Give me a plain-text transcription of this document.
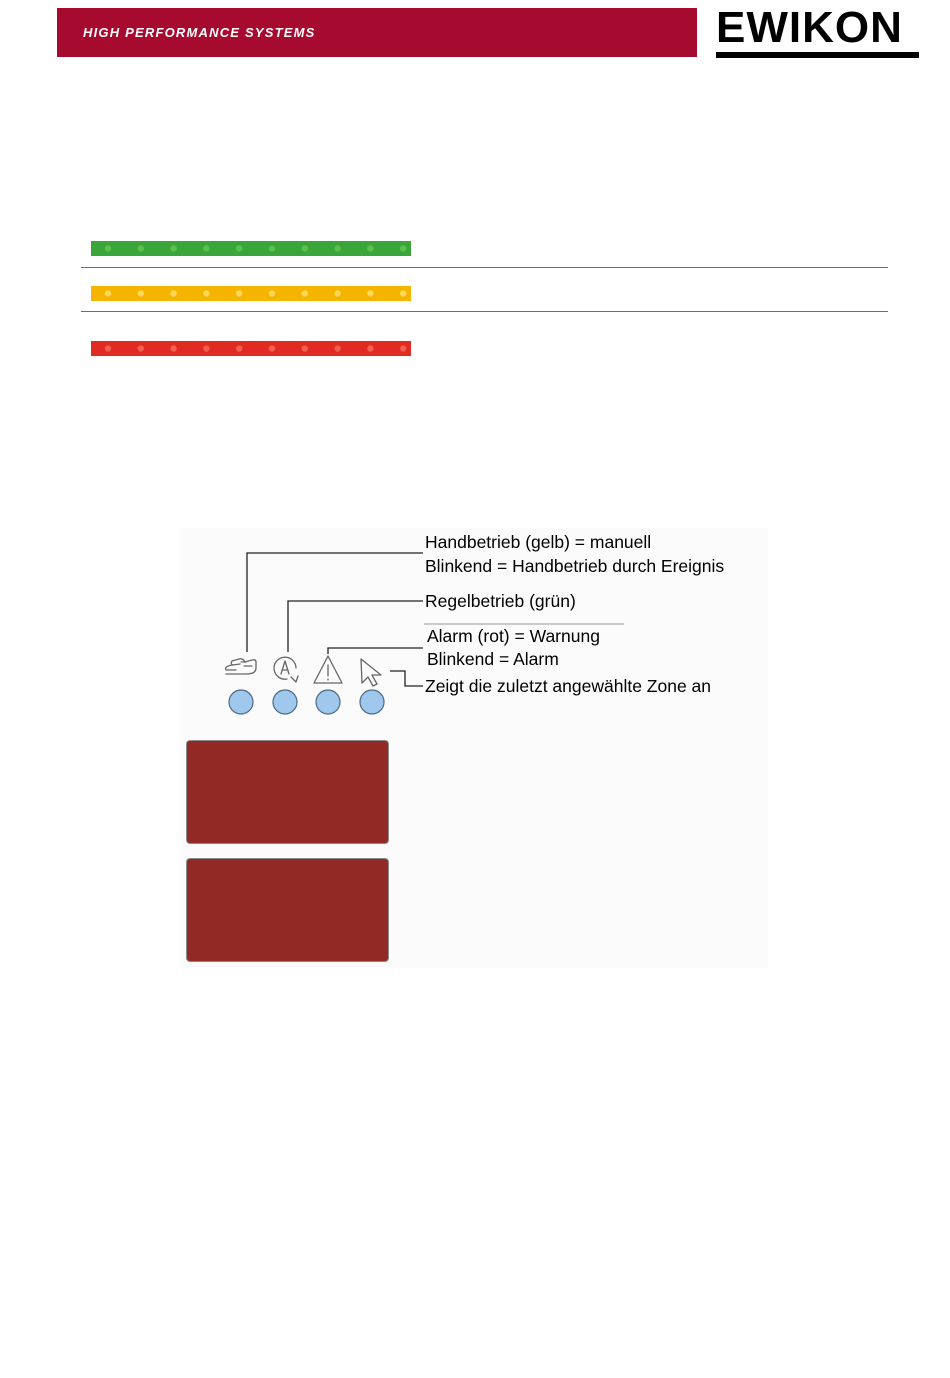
HIGH PERFORMANCE SYSTEMS	EWIKON
Handbetrieb (gelb) = manuell
Blinkend = Handbetrieb durch Ereignis
Regelbetrieb (grün)
Alarm (rot) = Warnung
Blinkend = Alarm
Zeigt die zuletzt angewählte Zone an
